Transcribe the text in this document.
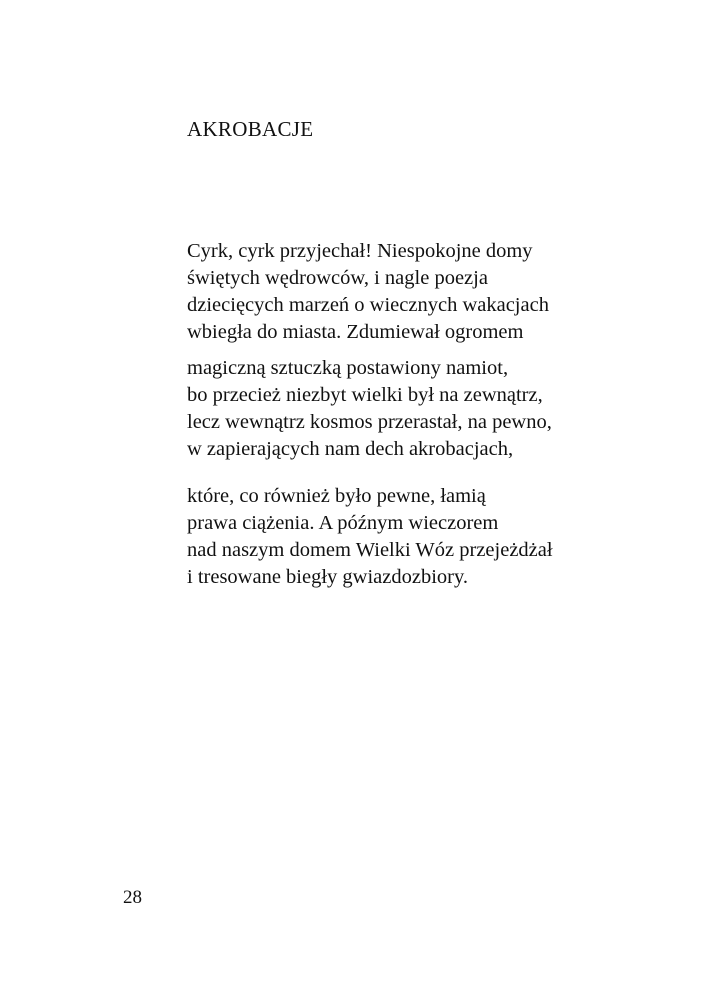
AKROBACJE
Cyrk, cyrk przyjechał! Niespokojne domy
świętych wędrowców, i nagle poezja
dziecięcych marzeń o wiecznych wakacjach
wbiegła do miasta. Zdumiewał ogromem
magiczną sztuczką postawiony namiot,
bo przecież niezbyt wielki był na zewnątrz,
lecz wewnątrz kosmos przerastał, na pewno,
w zapierających nam dech akrobacjach,
które, co również było pewne, łamią
prawa ciążenia. A późnym wieczorem
nad naszym domem Wielki Wóz przejeżdżał
i tresowane biegły gwiazdozbiory.
28
